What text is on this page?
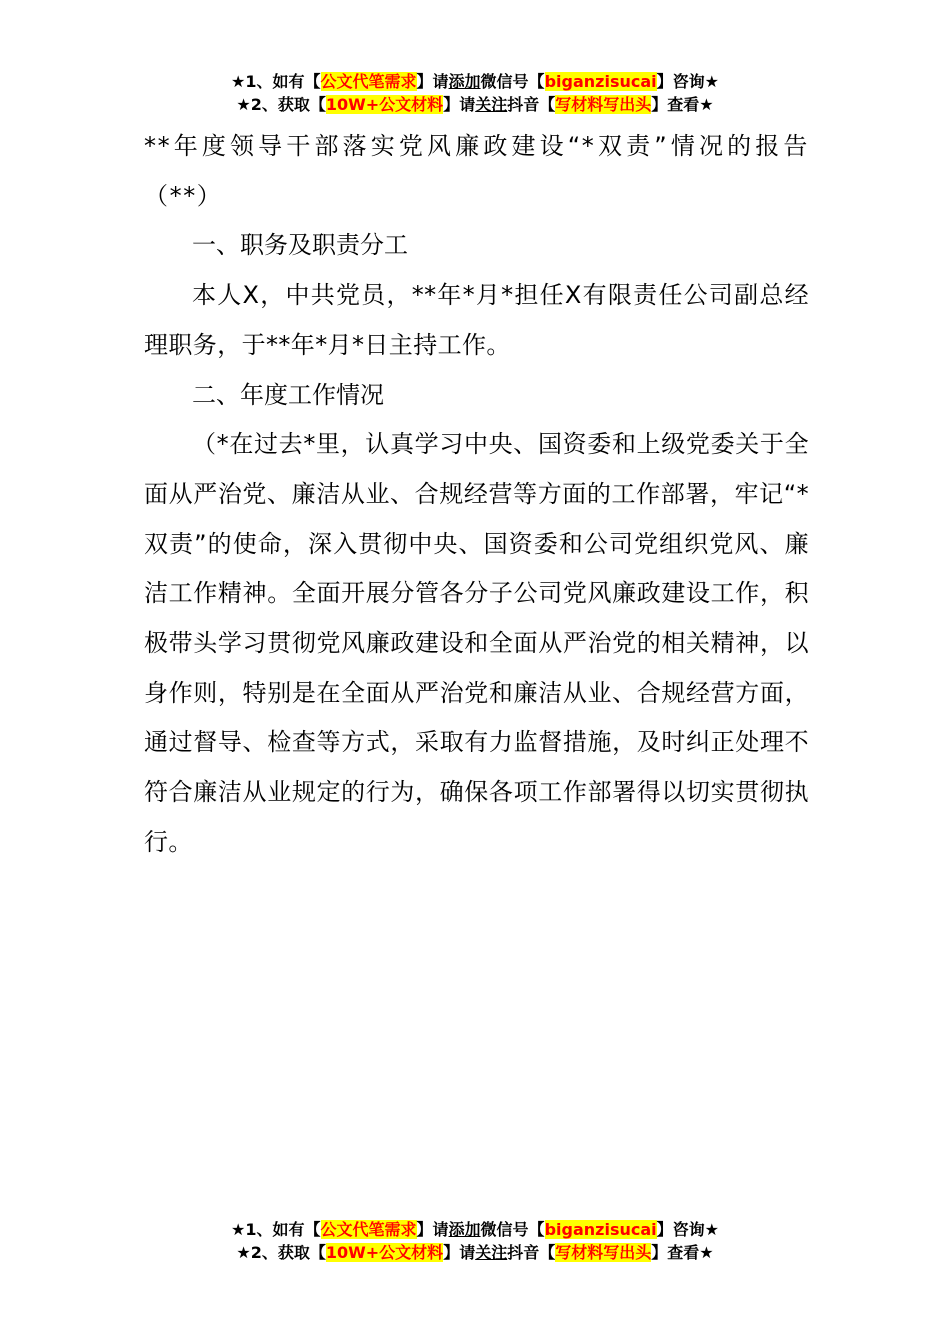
★1、如有【公文代笔需求】请添加微信号【biganzisucai】咨询★
★2、获取【10W+公文材料】请关注抖音【写材料写出头】查看★

**年度领导干部落实党风廉政建设“*双责”情况的报告（**）

一、职务及职责分工

本人X，中共党员，**年*月*担任X有限责任公司副总经理职务，于**年*月*日主持工作。

二、年度工作情况

（*在过去*里，认真学习中央、国资委和上级党委关于全面从严治党、廉洁从业、合规经营等方面的工作部署，牢记“*双责”的使命，深入贯彻中央、国资委和公司党组织党风、廉洁工作精神。全面开展分管各分子公司党风廉政建设工作，积极带头学习贯彻党风廉政建设和全面从严治党的相关精神，以身作则，特别是在全面从严治党和廉洁从业、合规经营方面，通过督导、检查等方式，采取有力监督措施，及时纠正处理不符合廉洁从业规定的行为，确保各项工作部署得以切实贯彻执行。

★1、如有【公文代笔需求】请添加微信号【biganzisucai】咨询★
★2、获取【10W+公文材料】请关注抖音【写材料写出头】查看★
